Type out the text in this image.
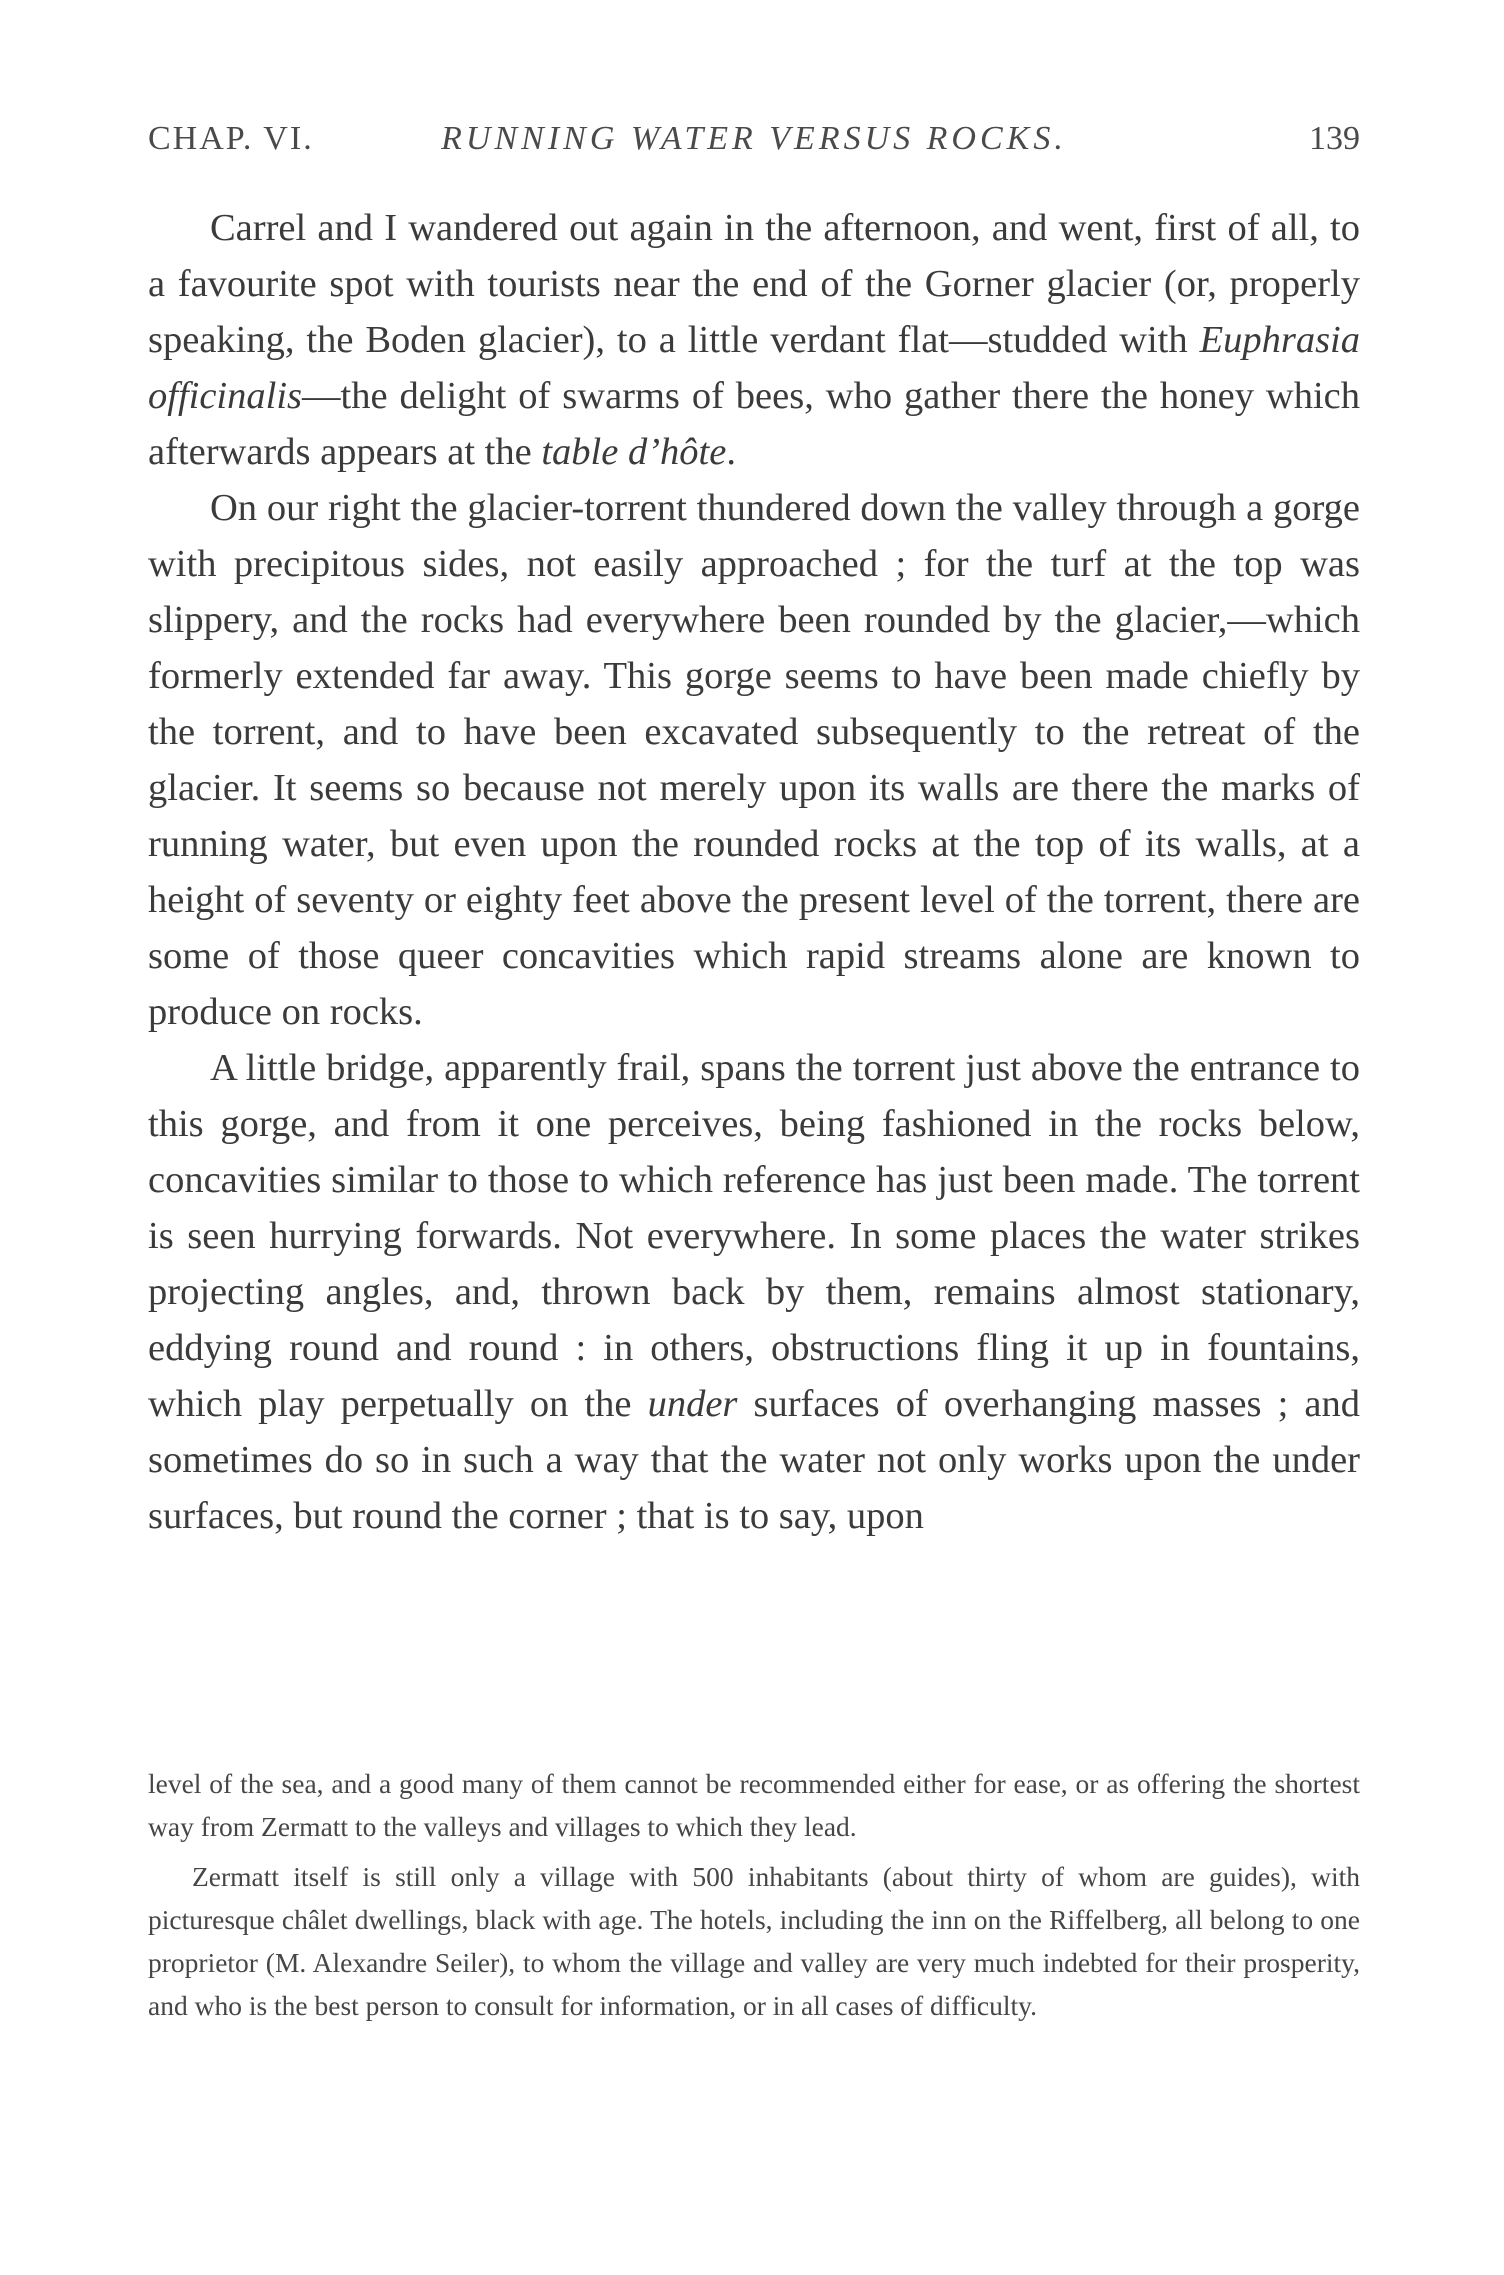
CHAP. VI.	RUNNING WATER VERSUS ROCKS.	139

Carrel and I wandered out again in the afternoon, and went, first of all, to a favourite spot with tourists near the end of the Gorner glacier (or, properly speaking, the Boden glacier), to a little verdant flat—studded with Euphrasia officinalis—the delight of swarms of bees, who gather there the honey which afterwards appears at the table d’hôte.

On our right the glacier-torrent thundered down the valley through a gorge with precipitous sides, not easily approached ; for the turf at the top was slippery, and the rocks had everywhere been rounded by the glacier,—which formerly extended far away. This gorge seems to have been made chiefly by the torrent, and to have been excavated subsequently to the retreat of the glacier. It seems so because not merely upon its walls are there the marks of running water, but even upon the rounded rocks at the top of its walls, at a height of seventy or eighty feet above the present level of the torrent, there are some of those queer concavities which rapid streams alone are known to produce on rocks.

A little bridge, apparently frail, spans the torrent just above the entrance to this gorge, and from it one perceives, being fashioned in the rocks below, concavities similar to those to which reference has just been made. The torrent is seen hurrying forwards. Not everywhere. In some places the water strikes projecting angles, and, thrown back by them, remains almost stationary, eddying round and round : in others, obstructions fling it up in fountains, which play perpetually on the under surfaces of overhanging masses ; and sometimes do so in such a way that the water not only works upon the under surfaces, but round the corner ; that is to say, upon

level of the sea, and a good many of them cannot be recommended either for ease, or as offering the shortest way from Zermatt to the valleys and villages to which they lead.

Zermatt itself is still only a village with 500 inhabitants (about thirty of whom are guides), with picturesque châlet dwellings, black with age. The hotels, including the inn on the Riffelberg, all belong to one proprietor (M. Alexandre Seiler), to whom the village and valley are very much indebted for their prosperity, and who is the best person to consult for information, or in all cases of difficulty.
